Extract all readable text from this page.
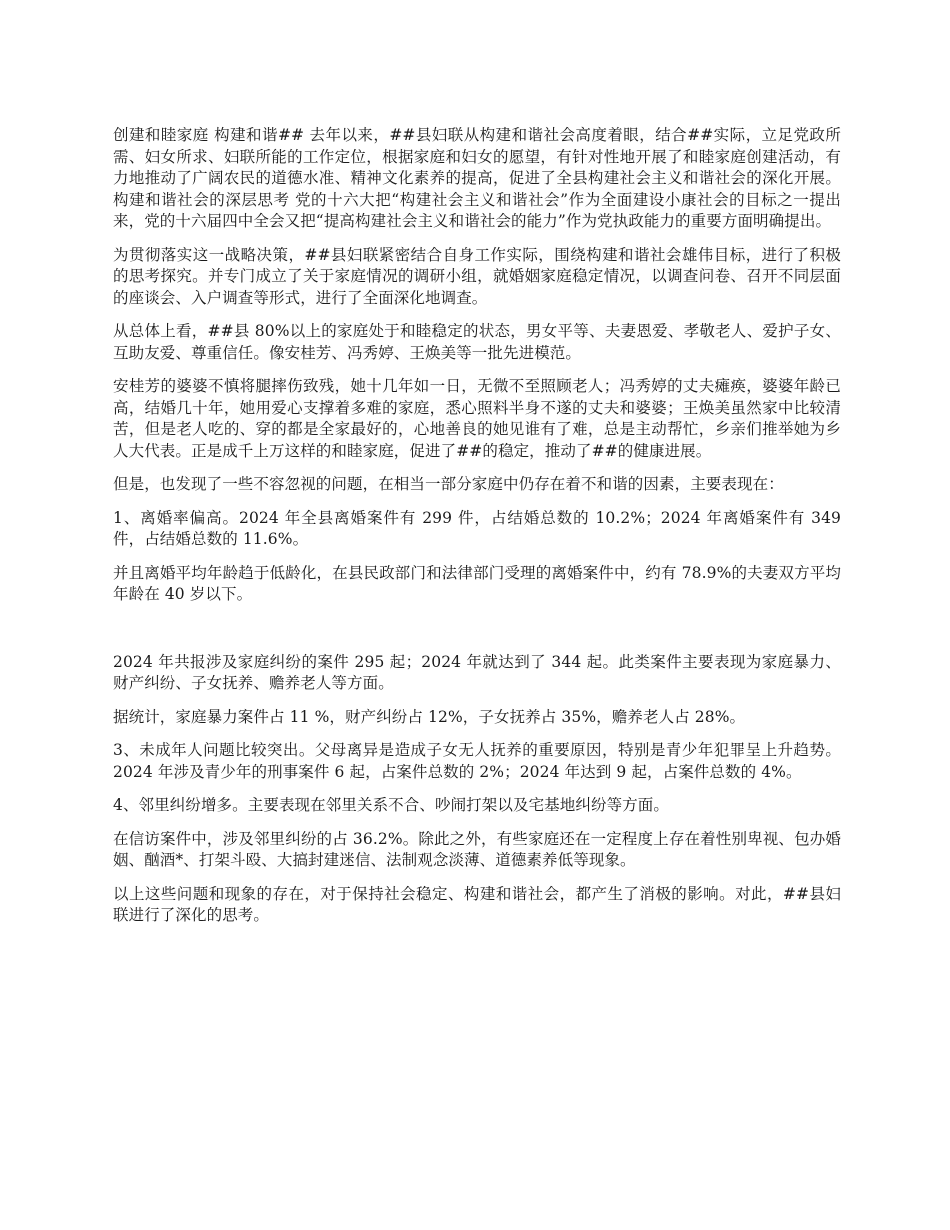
创建和睦家庭 构建和谐## 去年以来，##县妇联从构建和谐社会高度着眼，结合##实际，立足党政所需、妇女所求、妇联所能的工作定位，根据家庭和妇女的愿望，有针对性地开展了和睦家庭创建活动，有力地推动了广阔农民的道德水准、精神文化素养的提高，促进了全县构建社会主义和谐社会的深化开展。 构建和谐社会的深层思考 党的十六大把“构建社会主义和谐社会”作为全面建设小康社会的目标之一提出来，党的十六届四中全会又把“提高构建社会主义和谐社会的能力”作为党执政能力的重要方面明确提出。

为贯彻落实这一战略决策，##县妇联紧密结合自身工作实际，围绕构建和谐社会雄伟目标，进行了积极的思考探究。并专门成立了关于家庭情况的调研小组，就婚姻家庭稳定情况，以调查问卷、召开不同层面的座谈会、入户调查等形式，进行了全面深化地调查。

从总体上看，##县 80%以上的家庭处于和睦稳定的状态，男女平等、夫妻恩爱、孝敬老人、爱护子女、互助友爱、尊重信任。像安桂芳、冯秀婷、王焕美等一批先进模范。

安桂芳的婆婆不慎将腿摔伤致残，她十几年如一日，无微不至照顾老人；冯秀婷的丈夫瘫痪，婆婆年龄已高，结婚几十年，她用爱心支撑着多难的家庭，悉心照料半身不遂的丈夫和婆婆；王焕美虽然家中比较清苦，但是老人吃的、穿的都是全家最好的，心地善良的她见谁有了难，总是主动帮忙，乡亲们推举她为乡人大代表。正是成千上万这样的和睦家庭，促进了##的稳定，推动了##的健康进展。

但是，也发现了一些不容忽视的问题，在相当一部分家庭中仍存在着不和谐的因素，主要表现在：

1、离婚率偏高。2024 年全县离婚案件有 299 件，占结婚总数的 10.2%；2024 年离婚案件有 349 件，占结婚总数的 11.6%。

并且离婚平均年龄趋于低龄化，在县民政部门和法律部门受理的离婚案件中，约有 78.9%的夫妻双方平均年龄在 40 岁以下。

2024 年共报涉及家庭纠纷的案件 295 起；2024 年就达到了 344 起。此类案件主要表现为家庭暴力、财产纠纷、子女抚养、赡养老人等方面。

据统计，家庭暴力案件占 11 %，财产纠纷占 12%，子女抚养占 35%，赡养老人占 28%。

3、未成年人问题比较突出。父母离异是造成子女无人抚养的重要原因，特别是青少年犯罪呈上升趋势。2024 年涉及青少年的刑事案件 6 起，占案件总数的 2%；2024 年达到 9 起，占案件总数的 4%。

4、邻里纠纷增多。主要表现在邻里关系不合、吵闹打架以及宅基地纠纷等方面。

在信访案件中，涉及邻里纠纷的占 36.2%。除此之外，有些家庭还在一定程度上存在着性别卑视、包办婚姻、酗酒*、打架斗殴、大搞封建迷信、法制观念淡薄、道德素养低等现象。

以上这些问题和现象的存在，对于保持社会稳定、构建和谐社会，都产生了消极的影响。对此，##县妇联进行了深化的思考。
